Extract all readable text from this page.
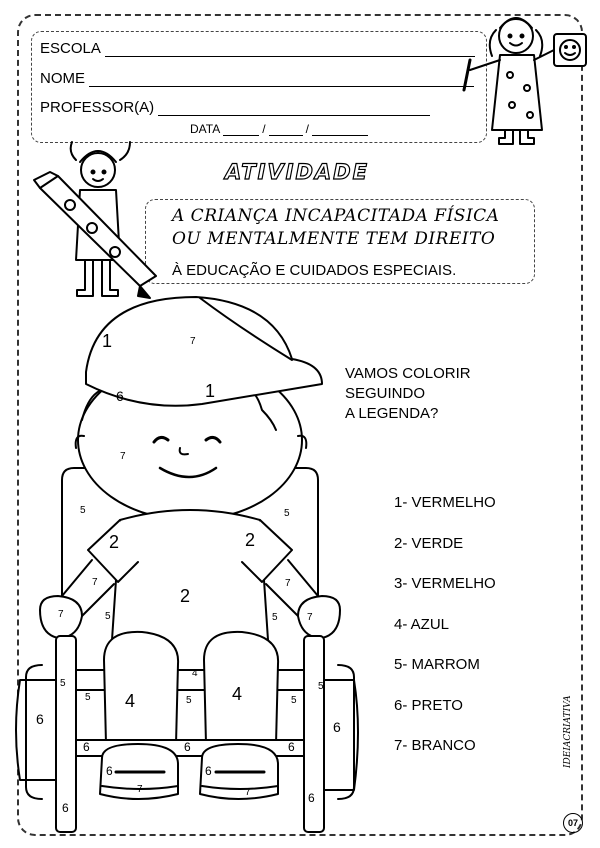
ESCOLA
NOME
PROFESSOR(A)
DATA	/	/
ATIVIDADE
A CRIANÇA INCAPACITADA FÍSICA
OU MENTALMENTE TEM DIREITO
À EDUCAÇÃO E CUIDADOS ESPECIAIS.
VAMOS COLORIR
SEGUINDO
A LEGENDA?
1- VERMELHO
2- VERDE
3- VERMELHO
4- AZUL
5- MARROM
6- PRETO
7- BRANCO
1	7
1
6
7
5	5
2	2
7	7
2
5	5
7	7
4
5	5
5	5	5
4	4
6	6
6	6	6
6	6
7	7
6
6
IDEIACRIATIVA
07
